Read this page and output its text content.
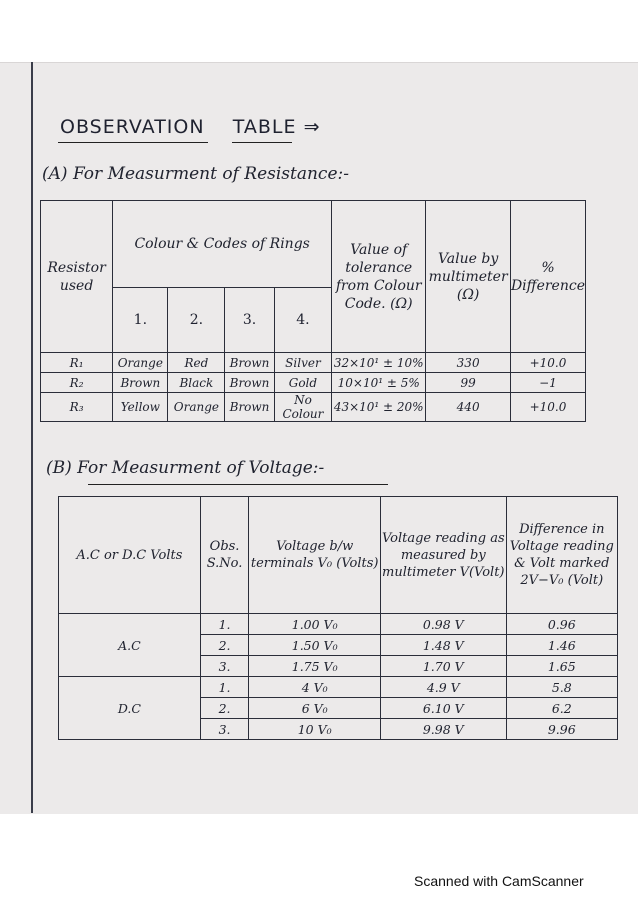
OBSERVATION TABLE ⇒
(A) For Measurment of Resistance:-
Resistor used	Colour & Codes of Rings				Value of tolerance from Colour Code. (Ω)	Value by multimeter (Ω)	% Difference
	1.	2.	3.	4.			
R₁	Orange	Red	Brown	Silver	32×10¹ ± 10%	330	+10.0
R₂	Brown	Black	Brown	Gold	10×10¹ ± 5%	99	−1
R₃	Yellow	Orange	Brown	No Colour	43×10¹ ± 20%	440	+10.0
(B) For Measurment of Voltage:-
A.C or D.C Volts	Obs. S.No.	Voltage b/w terminals V₀ (Volts)	Voltage reading as measured by multimeter V(Volt)	Difference in Voltage reading & Volt marked 2V−V₀ (Volt)
A.C	1.	1.00 V₀	0.98 V	0.96
	2.	1.50 V₀	1.48 V	1.46
	3.	1.75 V₀	1.70 V	1.65
D.C	1.	4 V₀	4.9 V	5.8
	2.	6 V₀	6.10 V	6.2
	3.	10 V₀	9.98 V	9.96
Scanned with CamScanner
